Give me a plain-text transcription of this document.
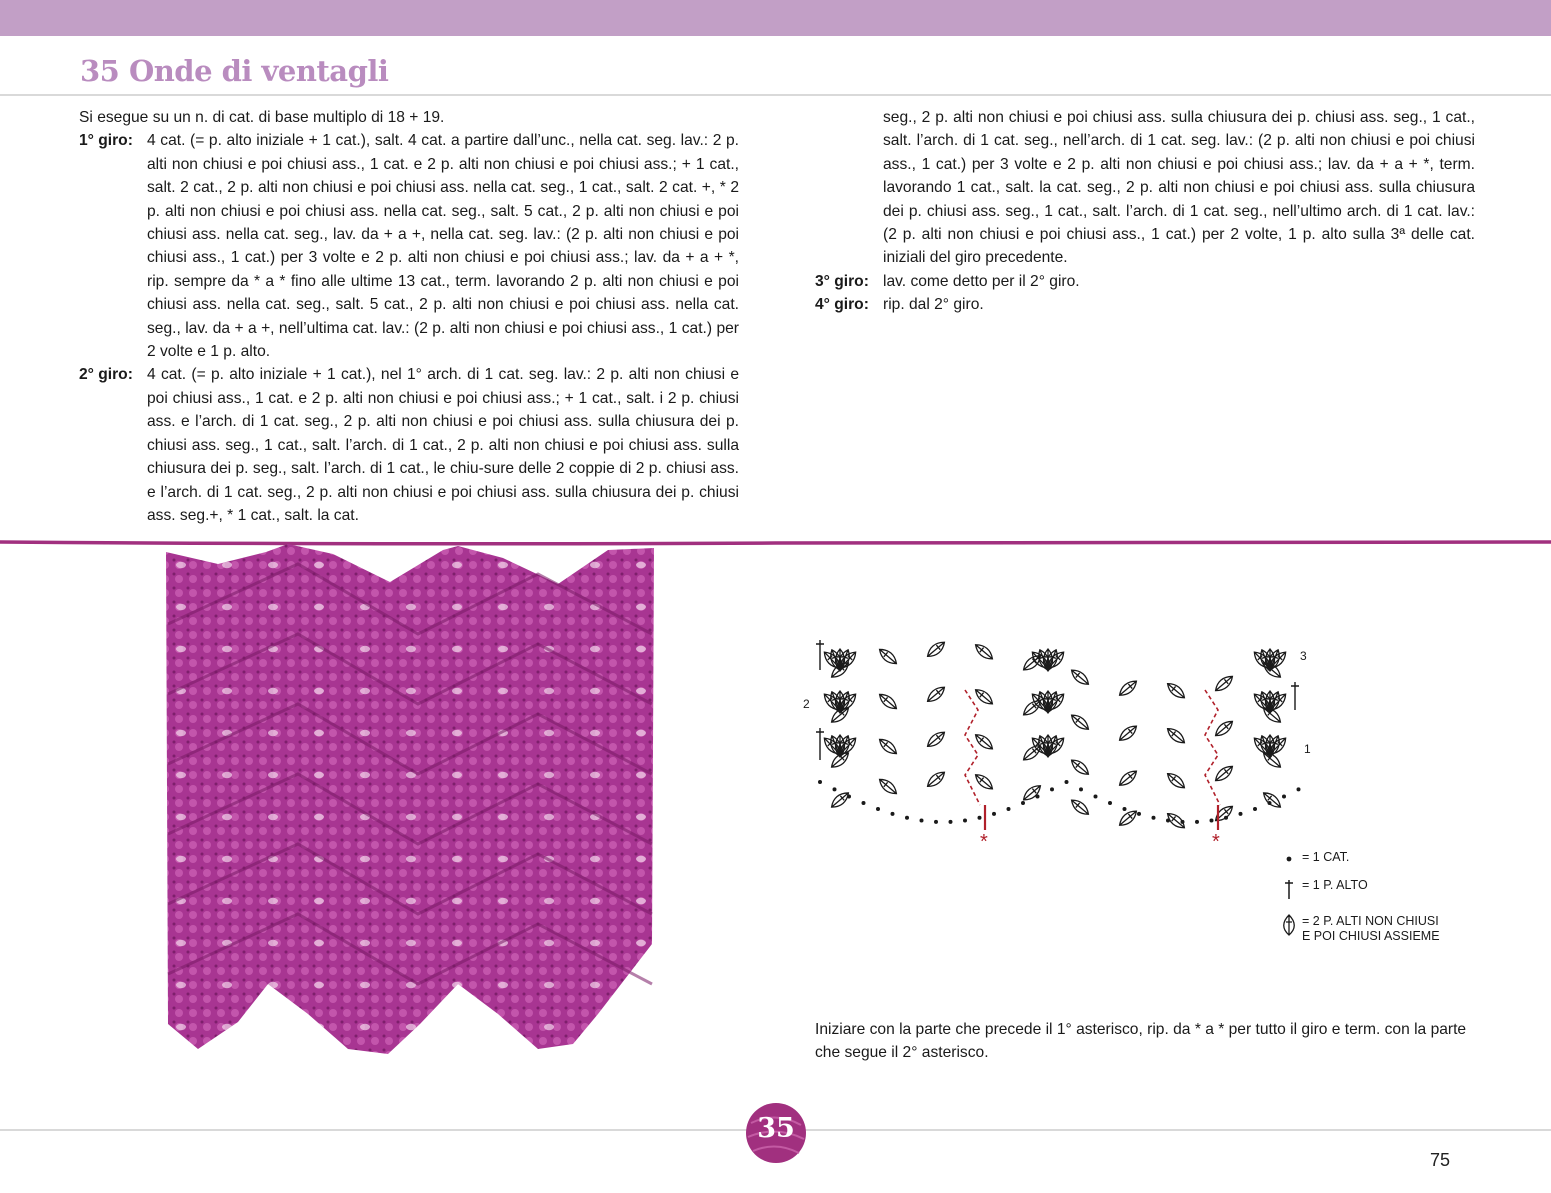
35 Onde di ventagli

Si esegue su un n. di cat. di base multiplo di 18 + 19.

1° giro: 4 cat. (= p. alto iniziale + 1 cat.), salt. 4 cat. a partire dall’unc., nella cat. seg. lav.: 2 p. alti non chiusi e poi chiusi ass., 1 cat. e 2 p. alti non chiusi e poi chiusi ass.; + 1 cat., salt. 2 cat., 2 p. alti non chiusi e poi chiusi ass. nella cat. seg., 1 cat., salt. 2 cat. +, * 2 p. alti non chiusi e poi chiusi ass. nella cat. seg., salt. 5 cat., 2 p. alti non chiusi e poi chiusi ass. nella cat. seg., lav. da + a +, nella cat. seg. lav.: (2 p. alti non chiusi e poi chiusi ass., 1 cat.) per 3 volte e 2 p. alti non chiusi e poi chiusi ass.; lav. da + a + *, rip. sempre da * a * fino alle ultime 13 cat., term. lavorando 2 p. alti non chiusi e poi chiusi ass. nella cat. seg., salt. 5 cat., 2 p. alti non chiusi e poi chiusi ass. nella cat. seg., lav. da + a +, nell’ultima cat. lav.: (2 p. alti non chiusi e poi chiusi ass., 1 cat.) per 2 volte e 1 p. alto.
2° giro: 4 cat. (= p. alto iniziale + 1 cat.), nel 1° arch. di 1 cat. seg. lav.: 2 p. alti non chiusi e poi chiusi ass., 1 cat. e 2 p. alti non chiusi e poi chiusi ass.; + 1 cat., salt. i 2 p. chiusi ass. e l’arch. di 1 cat. seg., 2 p. alti non chiusi e poi chiusi ass. sulla chiusura dei p. chiusi ass. seg., 1 cat., salt. l’arch. di 1 cat., 2 p. alti non chiusi e poi chiusi ass. sulla chiusura dei p. seg., salt. l’arch. di 1 cat., le chiu-sure delle 2 coppie di 2 p. chiusi ass. e l’arch. di 1 cat. seg., 2 p. alti non chiusi e poi chiusi ass. sulla chiusura dei p. chiusi ass. seg.+, * 1 cat., salt. la cat.

seg., 2 p. alti non chiusi e poi chiusi ass. sulla chiusura dei p. chiusi ass. seg., 1 cat., salt. l’arch. di 1 cat. seg., nell’arch. di 1 cat. seg. lav.: (2 p. alti non chiusi e poi chiusi ass., 1 cat.) per 3 volte e 2 p. alti non chiusi e poi chiusi ass.; lav. da + a + *, term. lavorando 1 cat., salt. la cat. seg., 2 p. alti non chiusi e poi chiusi ass. sulla chiusura dei p. chiusi ass. seg., 1 cat., salt. l’arch. di 1 cat. seg., nell’ultimo arch. di 1 cat. lav.: (2 p. alti non chiusi e poi chiusi ass., 1 cat.) per 2 volte, 1 p. alto sulla 3ª delle cat. iniziali del giro precedente.

3° giro: lav. come detto per il 2° giro.
4° giro: rip. dal 2° giro.
*	*
3
2
1
= 1 CAT.
= 1 P. ALTO
= 2 P. ALTI NON CHIUSI
E POI CHIUSI ASSIEME

Iniziare con la parte che precede il 1° asterisco, rip. da * a * per tutto il giro e term. con la parte che segue il 2° asterisco.

35
75
